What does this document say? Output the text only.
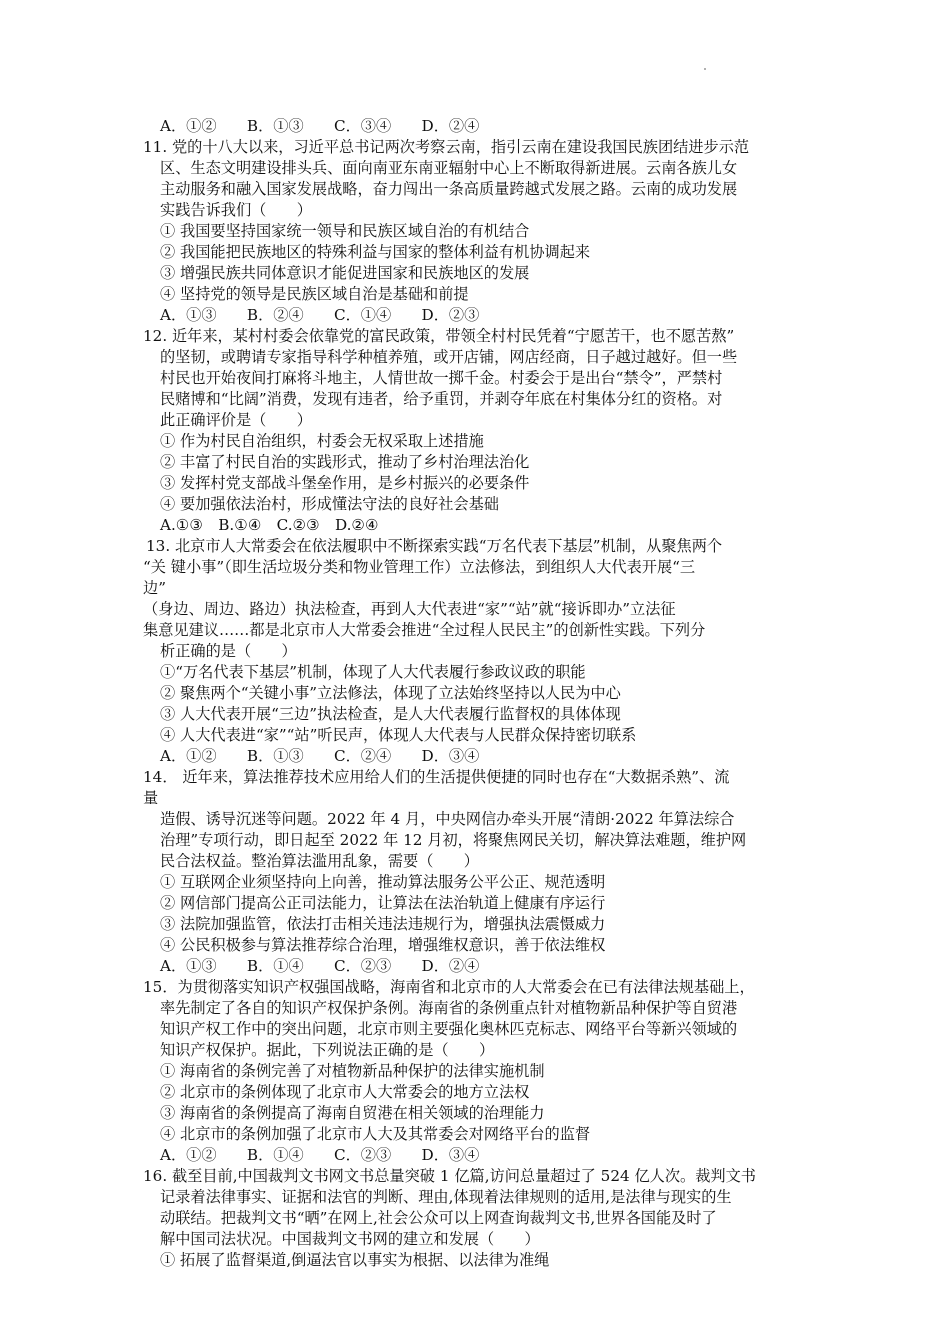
A．①②　　B．①③　　C．③④　　D．②④
11. 党的十八大以来，习近平总书记两次考察云南，指引云南在建设我国民族团结进步示范
区、生态文明建设排头兵、面向南亚东南亚辐射中心上不断取得新进展。云南各族儿女
主动服务和融入国家发展战略，奋力闯出一条高质量跨越式发展之路。云南的成功发展
实践告诉我们（　　）
① 我国要坚持国家统一领导和民族区域自治的有机结合
② 我国能把民族地区的特殊利益与国家的整体利益有机协调起来
③ 增强民族共同体意识才能促进国家和民族地区的发展
④ 坚持党的领导是民族区域自治是基础和前提
A．①③　　B．②④　　C．①④　　D．②③
12. 近年来，某村村委会依靠党的富民政策，带领全村村民凭着“宁愿苦干，也不愿苦熬”
的坚韧，或聘请专家指导科学种植养殖，或开店铺，网店经商，日子越过越好。但一些
村民也开始夜间打麻将斗地主，人情世故一掷千金。村委会于是出台“禁令”，严禁村
民赌博和“比阔”消费，发现有违者，给予重罚，并剥夺年底在村集体分红的资格。对
此正确评价是（　　）
① 作为村民自治组织，村委会无权采取上述措施
② 丰富了村民自治的实践形式，推动了乡村治理法治化
③ 发挥村党支部战斗堡垒作用，是乡村振兴的必要条件
④ 要加强依法治村，形成懂法守法的良好社会基础
A.①③　B.①④　C.②③　D.②④
13. 北京市人大常委会在依法履职中不断探索实践“万名代表下基层”机制，从聚焦两个
“关 键小事”（即生活垃圾分类和物业管理工作）立法修法，到组织人大代表开展“三
边”
（身边、周边、路边）执法检查，再到人大代表进“家”“站”就“接诉即办”立法征
集意见建议……都是北京市人大常委会推进“全过程人民民主”的创新性实践。下列分
析正确的是（　　）
①“万名代表下基层”机制，体现了人大代表履行参政议政的职能
② 聚焦两个“关键小事”立法修法，体现了立法始终坚持以人民为中心
③ 人大代表开展“三边”执法检查，是人大代表履行监督权的具体体现
④ 人大代表进“家”“站”听民声，体现人大代表与人民群众保持密切联系
A．①②　　B．①③　　C．②④　　D．③④
14． 近年来，算法推荐技术应用给人们的生活提供便捷的同时也存在“大数据杀熟”、流
量
造假、诱导沉迷等问题。2022 年 4 月，中央网信办牵头开展“清朗·2022 年算法综合
治理”专项行动，即日起至 2022 年 12 月初，将聚焦网民关切，解决算法难题，维护网
民合法权益。整治算法滥用乱象，需要（　　）
① 互联网企业须坚持向上向善，推动算法服务公平公正、规范透明
② 网信部门提高公正司法能力，让算法在法治轨道上健康有序运行
③ 法院加强监管，依法打击相关违法违规行为，增强执法震慑威力
④ 公民积极参与算法推荐综合治理，增强维权意识，善于依法维权
A．①③　　B．①④　　C．②③　　D．②④
15．为贯彻落实知识产权强国战略，海南省和北京市的人大常委会在已有法律法规基础上，
率先制定了各自的知识产权保护条例。海南省的条例重点针对植物新品种保护等自贸港
知识产权工作中的突出问题，北京市则主要强化奥林匹克标志、网络平台等新兴领域的
知识产权保护。据此，下列说法正确的是（　　）
① 海南省的条例完善了对植物新品种保护的法律实施机制
② 北京市的条例体现了北京市人大常委会的地方立法权
③ 海南省的条例提高了海南自贸港在相关领域的治理能力
④ 北京市的条例加强了北京市人大及其常委会对网络平台的监督
A．①②　　B．①④　　C．②③　　D．③④
16. 截至目前,中国裁判文书网文书总量突破 1 亿篇,访问总量超过了 524 亿人次。裁判文书
记录着法律事实、证据和法官的判断、理由,体现着法律规则的适用,是法律与现实的生
动联结。把裁判文书“晒”在网上,社会公众可以上网查询裁判文书,世界各国能及时了
解中国司法状况。中国裁判文书网的建立和发展（　　）
① 拓展了监督渠道,倒逼法官以事实为根据、以法律为准绳
